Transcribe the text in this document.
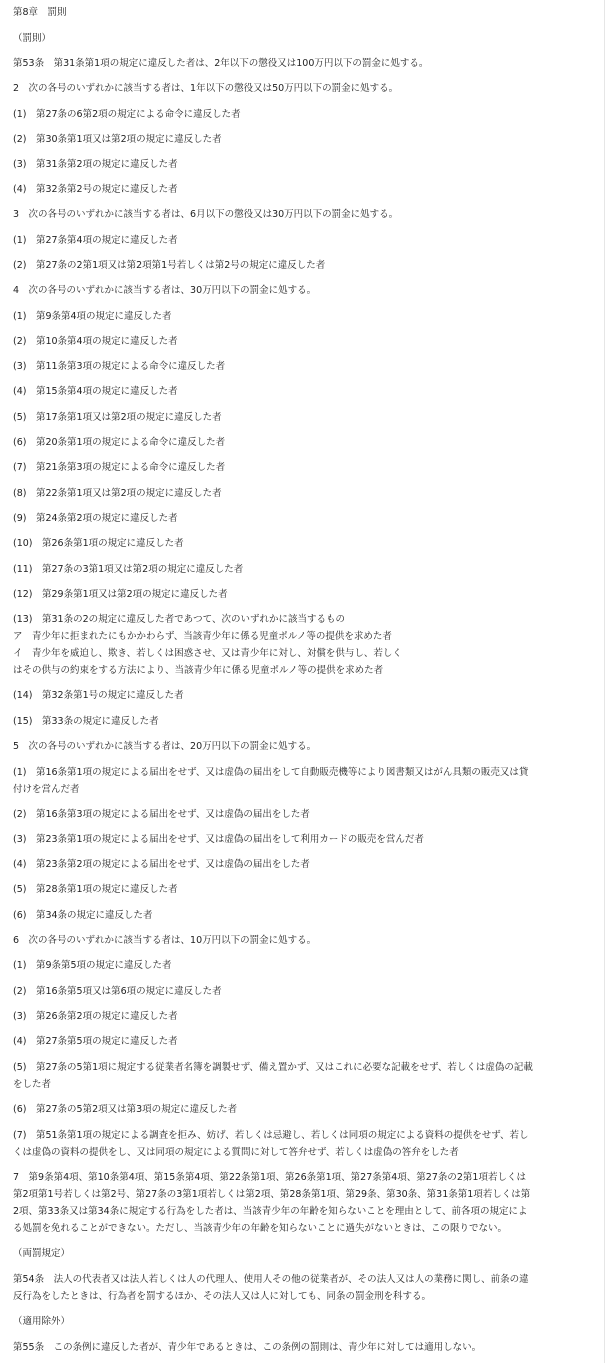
第8章　罰則
（罰則）
第53条　第31条第1項の規定に違反した者は、2年以下の懲役又は100万円以下の罰金に処する。
2　次の各号のいずれかに該当する者は、1年以下の懲役又は50万円以下の罰金に処する。
(1)　第27条の6第2項の規定による命令に違反した者
(2)　第30条第1項又は第2項の規定に違反した者
(3)　第31条第2項の規定に違反した者
(4)　第32条第2号の規定に違反した者
3　次の各号のいずれかに該当する者は、6月以下の懲役又は30万円以下の罰金に処する。
(1)　第27条第4項の規定に違反した者
(2)　第27条の2第1項又は第2項第1号若しくは第2号の規定に違反した者
4　次の各号のいずれかに該当する者は、30万円以下の罰金に処する。
(1)　第9条第4項の規定に違反した者
(2)　第10条第4項の規定に違反した者
(3)　第11条第3項の規定による命令に違反した者
(4)　第15条第4項の規定に違反した者
(5)　第17条第1項又は第2項の規定に違反した者
(6)　第20条第1項の規定による命令に違反した者
(7)　第21条第3項の規定による命令に違反した者
(8)　第22条第1項又は第2項の規定に違反した者
(9)　第24条第2項の規定に違反した者
(10)　第26条第1項の規定に違反した者
(11)　第27条の3第1項又は第2項の規定に違反した者
(12)　第29条第1項又は第2項の規定に違反した者
(13)　第31条の2の規定に違反した者であつて、次のいずれかに該当するもの
ア　青少年に拒まれたにもかかわらず、当該青少年に係る児童ポルノ等の提供を求めた者
イ　青少年を威迫し、欺き、若しくは困惑させ、又は青少年に対し、対償を供与し、若しく
はその供与の約束をする方法により、当該青少年に係る児童ポルノ等の提供を求めた者
(14)　第32条第1号の規定に違反した者
(15)　第33条の規定に違反した者
5　次の各号のいずれかに該当する者は、20万円以下の罰金に処する。
(1)　第16条第1項の規定による届出をせず、又は虚偽の届出をして自動販売機等により図書類又はがん具類の販売又は貸
付けを営んだ者
(2)　第16条第3項の規定による届出をせず、又は虚偽の届出をした者
(3)　第23条第1項の規定による届出をせず、又は虚偽の届出をして利用カードの販売を営んだ者
(4)　第23条第2項の規定による届出をせず、又は虚偽の届出をした者
(5)　第28条第1項の規定に違反した者
(6)　第34条の規定に違反した者
6　次の各号のいずれかに該当する者は、10万円以下の罰金に処する。
(1)　第9条第5項の規定に違反した者
(2)　第16条第5項又は第6項の規定に違反した者
(3)　第26条第2項の規定に違反した者
(4)　第27条第5項の規定に違反した者
(5)　第27条の5第1項に規定する従業者名簿を調製せず、備え置かず、又はこれに必要な記載をせず、若しくは虚偽の記載
をした者
(6)　第27条の5第2項又は第3項の規定に違反した者
(7)　第51条第1項の規定による調査を拒み、妨げ、若しくは忌避し、若しくは同項の規定による資料の提供をせず、若し
くは虚偽の資料の提供をし、又は同項の規定による質問に対して答弁せず、若しくは虚偽の答弁をした者
7　第9条第4項、第10条第4項、第15条第4項、第22条第1項、第26条第1項、第27条第4項、第27条の2第1項若しくは
第2項第1号若しくは第2号、第27条の3第1項若しくは第2項、第28条第1項、第29条、第30条、第31条第1項若しくは第
2項、第33条又は第34条に規定する行為をした者は、当該青少年の年齢を知らないことを理由として、前各項の規定によ
る処罰を免れることができない。ただし、当該青少年の年齢を知らないことに過失がないときは、この限りでない。
（両罰規定）
第54条　法人の代表者又は法人若しくは人の代理人、使用人その他の従業者が、その法人又は人の業務に関し、前条の違
反行為をしたときは、行為者を罰するほか、その法人又は人に対しても、同条の罰金刑を科する。
（適用除外）
第55条　この条例に違反した者が、青少年であるときは、この条例の罰則は、青少年に対しては適用しない。
